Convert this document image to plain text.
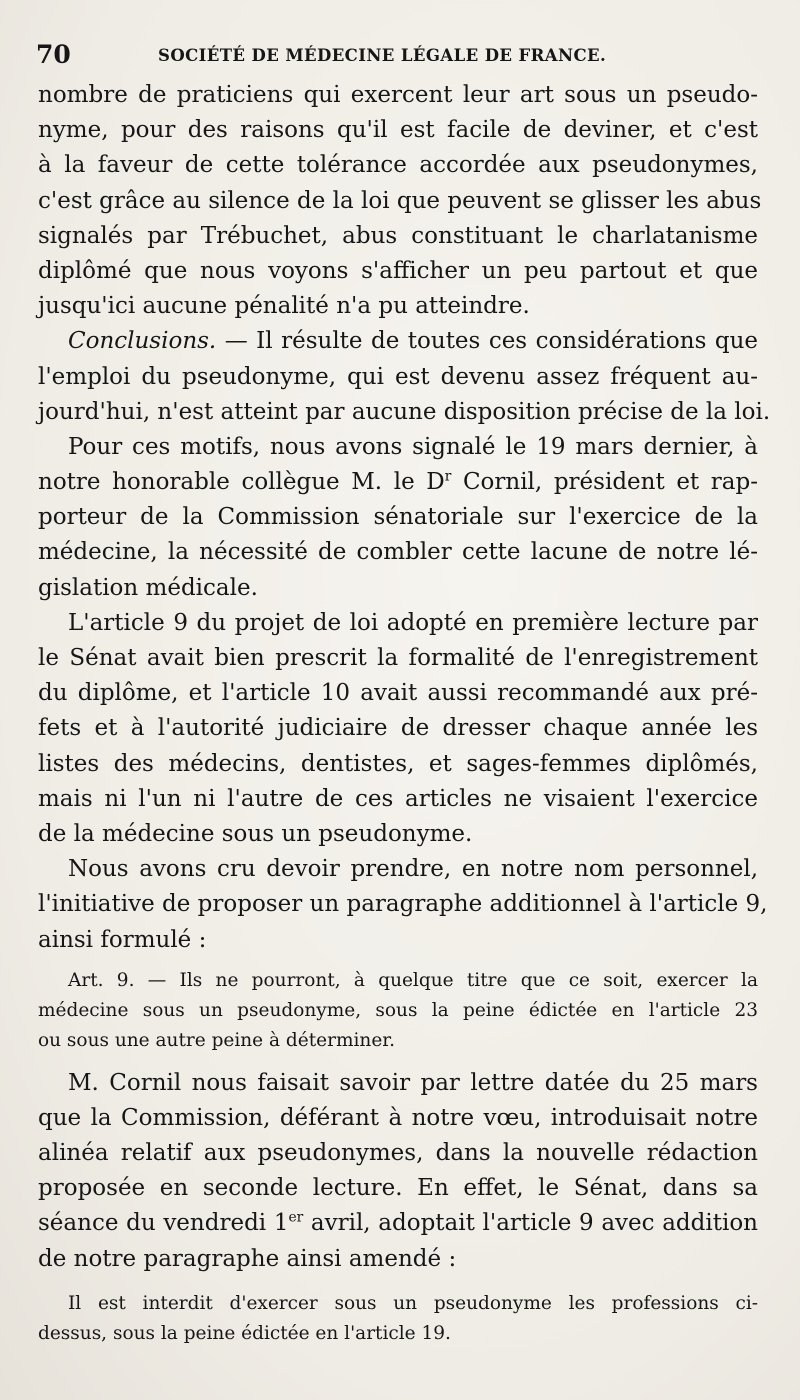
70	SOCIÉTÉ DE MÉDECINE LÉGALE DE FRANCE.
nombre de praticiens qui exercent leur art sous un pseudo-
nyme, pour des raisons qu'il est facile de deviner, et c'est
à la faveur de cette tolérance accordée aux pseudonymes,
c'est grâce au silence de la loi que peuvent se glisser les abus
signalés par Trébuchet, abus constituant le charlatanisme
diplômé que nous voyons s'afficher un peu partout et que
jusqu'ici aucune pénalité n'a pu atteindre.
Conclusions. — Il résulte de toutes ces considérations que
l'emploi du pseudonyme, qui est devenu assez fréquent au-
jourd'hui, n'est atteint par aucune disposition précise de la loi.
Pour ces motifs, nous avons signalé le 19 mars dernier, à
notre honorable collègue M. le $D^r$ Cornil, président et rap-
porteur de la Commission sénatoriale sur l'exercice de la
médecine, la nécessité de combler cette lacune de notre lé-
gislation médicale.
L'article 9 du projet de loi adopté en première lecture par
le Sénat avait bien prescrit la formalité de l'enregistrement
du diplôme, et l'article 10 avait aussi recommandé aux pré-
fets et à l'autorité judiciaire de dresser chaque année les
listes des médecins, dentistes, et sages-femmes diplômés,
mais ni l'un ni l'autre de ces articles ne visaient l'exercice
de la médecine sous un pseudonyme.
Nous avons cru devoir prendre, en notre nom personnel,
l'initiative de proposer un paragraphe additionnel à l'article 9,
ainsi formulé :
Art. 9. — Ils ne pourront, à quelque titre que ce soit, exercer la
médecine sous un pseudonyme, sous la peine édictée en l'article 23
ou sous une autre peine à déterminer.
M. Cornil nous faisait savoir par lettre datée du 25 mars
que la Commission, déférant à notre vœu, introduisait notre
alinéa relatif aux pseudonymes, dans la nouvelle rédaction
proposée en seconde lecture. En effet, le Sénat, dans sa
séance du vendredi 1er avril, adoptait l'article 9 avec addition
de notre paragraphe ainsi amendé :
Il est interdit d'exercer sous un pseudonyme les professions ci-
dessus, sous la peine édictée en l'article 19.
